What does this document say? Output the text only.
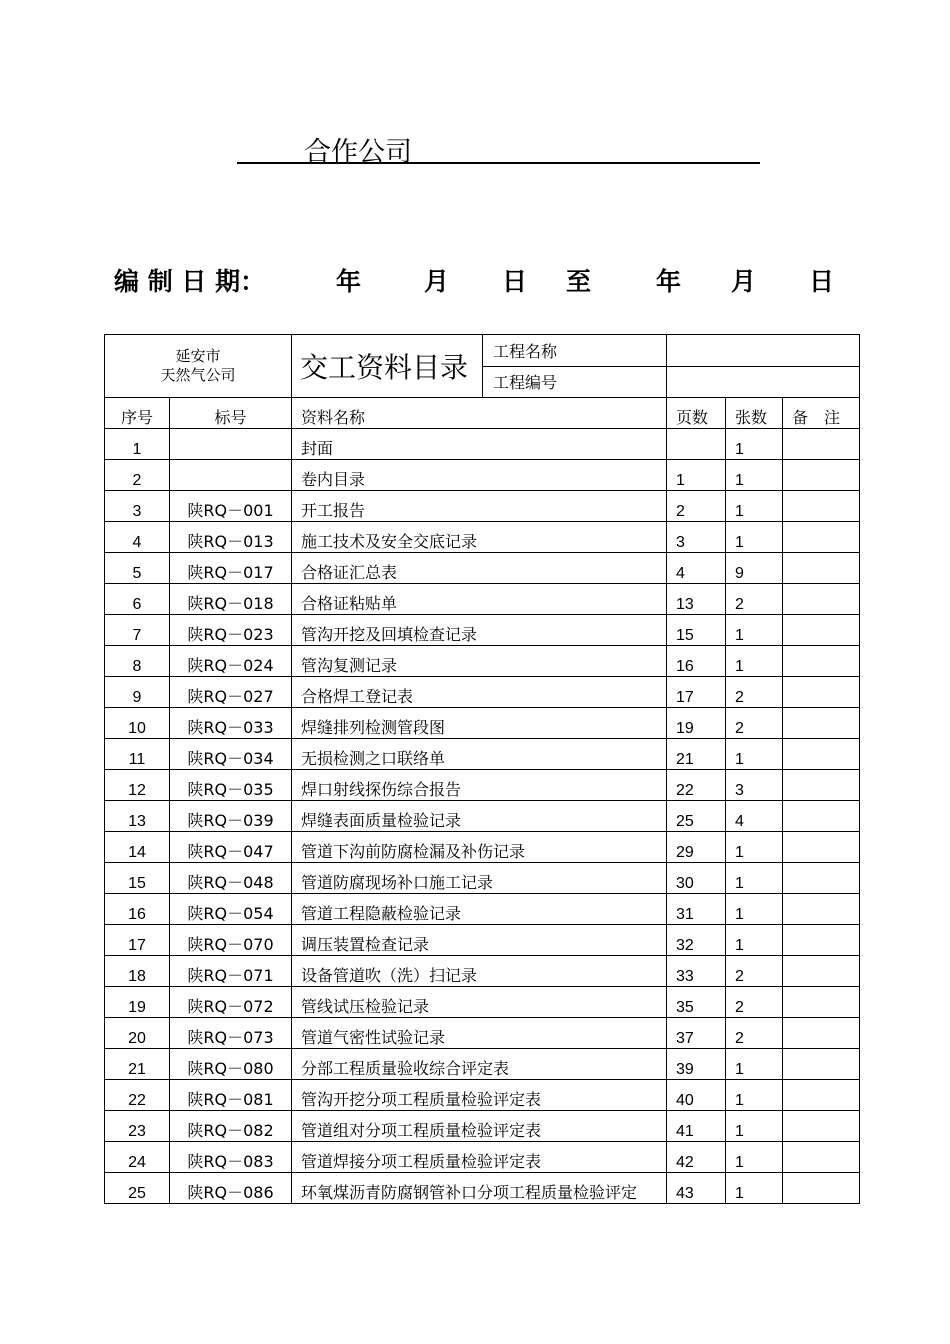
合作公司
编 制 日 期：	年	月 日 至	年 月 日
延安市
天然气公司		交工资料目录	工程名称			
			工程编号			
序号	标号	资料名称		页数	张数	备　注
1		封面			1	
2		卷内目录		1	1	
3	陕RQ－001	开工报告		2	1	
4	陕RQ－013	施工技术及安全交底记录		3	1	
5	陕RQ－017	合格证汇总表		4	9	
6	陕RQ－018	合格证粘贴单		13	2	
7	陕RQ－023	管沟开挖及回填检查记录		15	1	
8	陕RQ－024	管沟复测记录		16	1	
9	陕RQ－027	合格焊工登记表		17	2	
10	陕RQ－033	焊缝排列检测管段图		19	2	
11	陕RQ－034	无损检测之口联络单		21	1	
12	陕RQ－035	焊口射线探伤综合报告		22	3	
13	陕RQ－039	焊缝表面质量检验记录		25	4	
14	陕RQ－047	管道下沟前防腐检漏及补伤记录		29	1	
15	陕RQ－048	管道防腐现场补口施工记录		30	1	
16	陕RQ－054	管道工程隐蔽检验记录		31	1	
17	陕RQ－070	调压装置检查记录		32	1	
18	陕RQ－071	设备管道吹（洗）扫记录		33	2	
19	陕RQ－072	管线试压检验记录		35	2	
20	陕RQ－073	管道气密性试验记录		37	2	
21	陕RQ－080	分部工程质量验收综合评定表		39	1	
22	陕RQ－081	管沟开挖分项工程质量检验评定表		40	1	
23	陕RQ－082	管道组对分项工程质量检验评定表		41	1	
24	陕RQ－083	管道焊接分项工程质量检验评定表		42	1	
25	陕RQ－086	环氧煤沥青防腐钢管补口分项工程质量检验评定		43	1	
